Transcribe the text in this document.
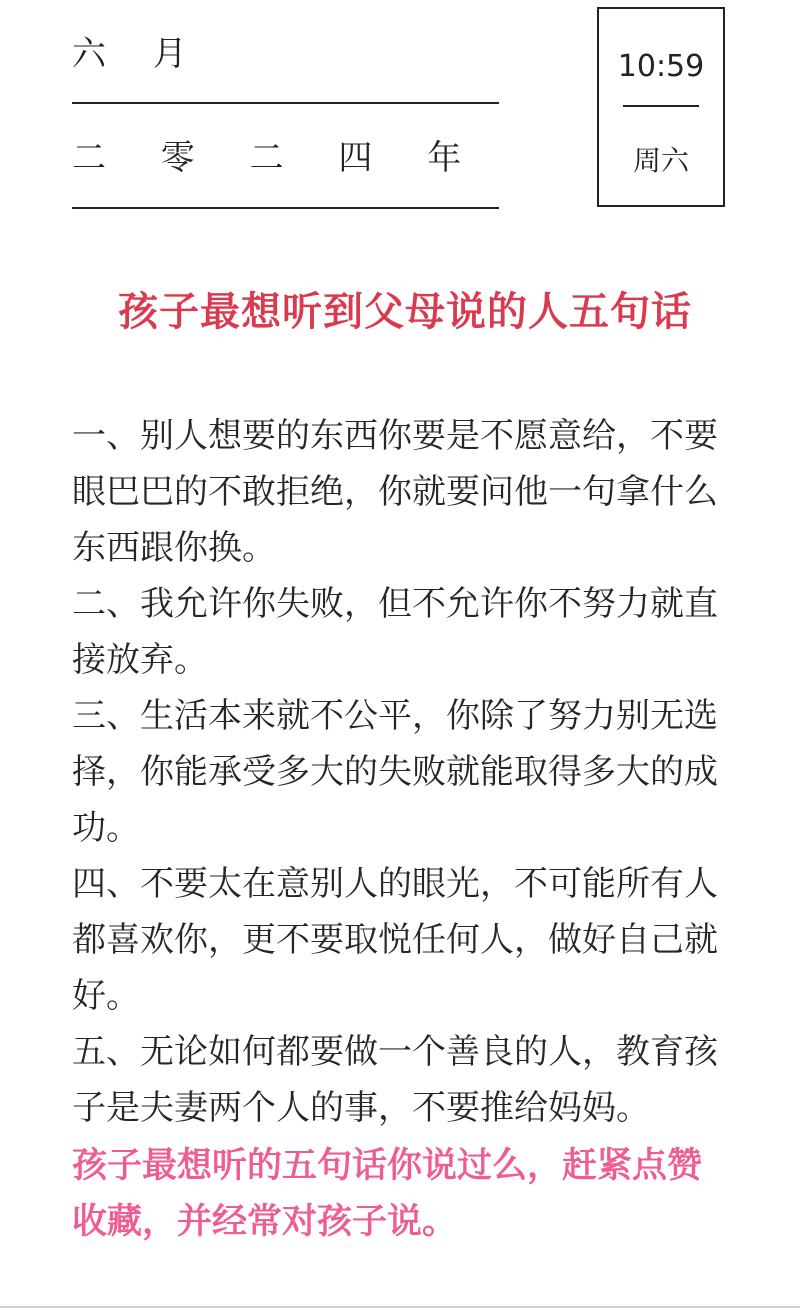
六 月
二 零 二 四 年
10:59
周六
孩子最想听到父母说的人五句话

一、别人想要的东西你要是不愿意给，不要眼巴巴的不敢拒绝，你就要问他一句拿什么东西跟你换。

二、我允许你失败，但不允许你不努力就直接放弃。

三、生活本来就不公平，你除了努力别无选择，你能承受多大的失败就能取得多大的成功。

四、不要太在意别人的眼光，不可能所有人都喜欢你，更不要取悦任何人，做好自己就好。

五、无论如何都要做一个善良的人，教育孩子是夫妻两个人的事，不要推给妈妈。

孩子最想听的五句话你说过么，赶紧点赞收藏，并经常对孩子说。
